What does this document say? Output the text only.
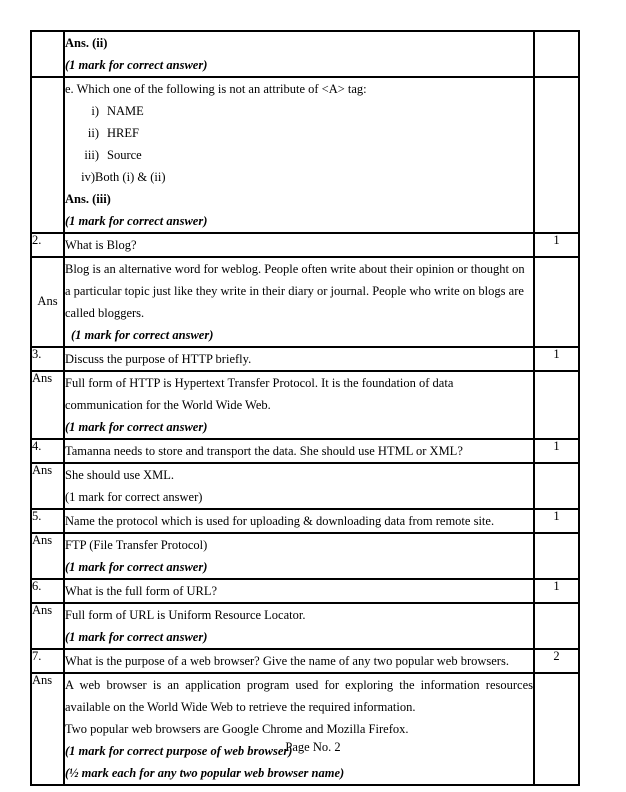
	Ans. (ii)
(1 mark for correct answer)	

e. Which one of the following is not an attribute of <A> tag:
i) NAME
ii) HREF
iii) Source
iv)Both (i) & (ii)
Ans. (iii)
(1 mark for correct answer)

2.	What is Blog?	1
Ans	Blog is an alternative word for weblog. People often write about their opinion or thought on a particular topic just like they write in their diary or journal. People who write on blogs are called bloggers.
(1 mark for correct answer)	

3.	Discuss the purpose of HTTP briefly.	1
Ans	Full form of HTTP is Hypertext Transfer Protocol. It is the foundation of data communication for the World Wide Web.
(1 mark for correct answer)	

4.	Tamanna needs to store and transport the data. She should use HTML or XML?	1
Ans	She should use XML.
(1 mark for correct answer)	

5.	Name the protocol which is used for uploading & downloading data from remote site.	1
Ans	FTP (File Transfer Protocol)
(1 mark for correct answer)	

6.	What is the full form of URL?	1
Ans	Full form of URL is Uniform Resource Locator.
(1 mark for correct answer)	

7.	What is the purpose of a web browser? Give the name of any two popular web browsers.	2
Ans	A web browser is an application program used for exploring the information resources available on the World Wide Web to retrieve the required information.
Two popular web browsers are Google Chrome and Mozilla Firefox.
(1 mark for correct purpose of web browser)
(½ mark each for any two popular web browser name)	

Page No. 2
